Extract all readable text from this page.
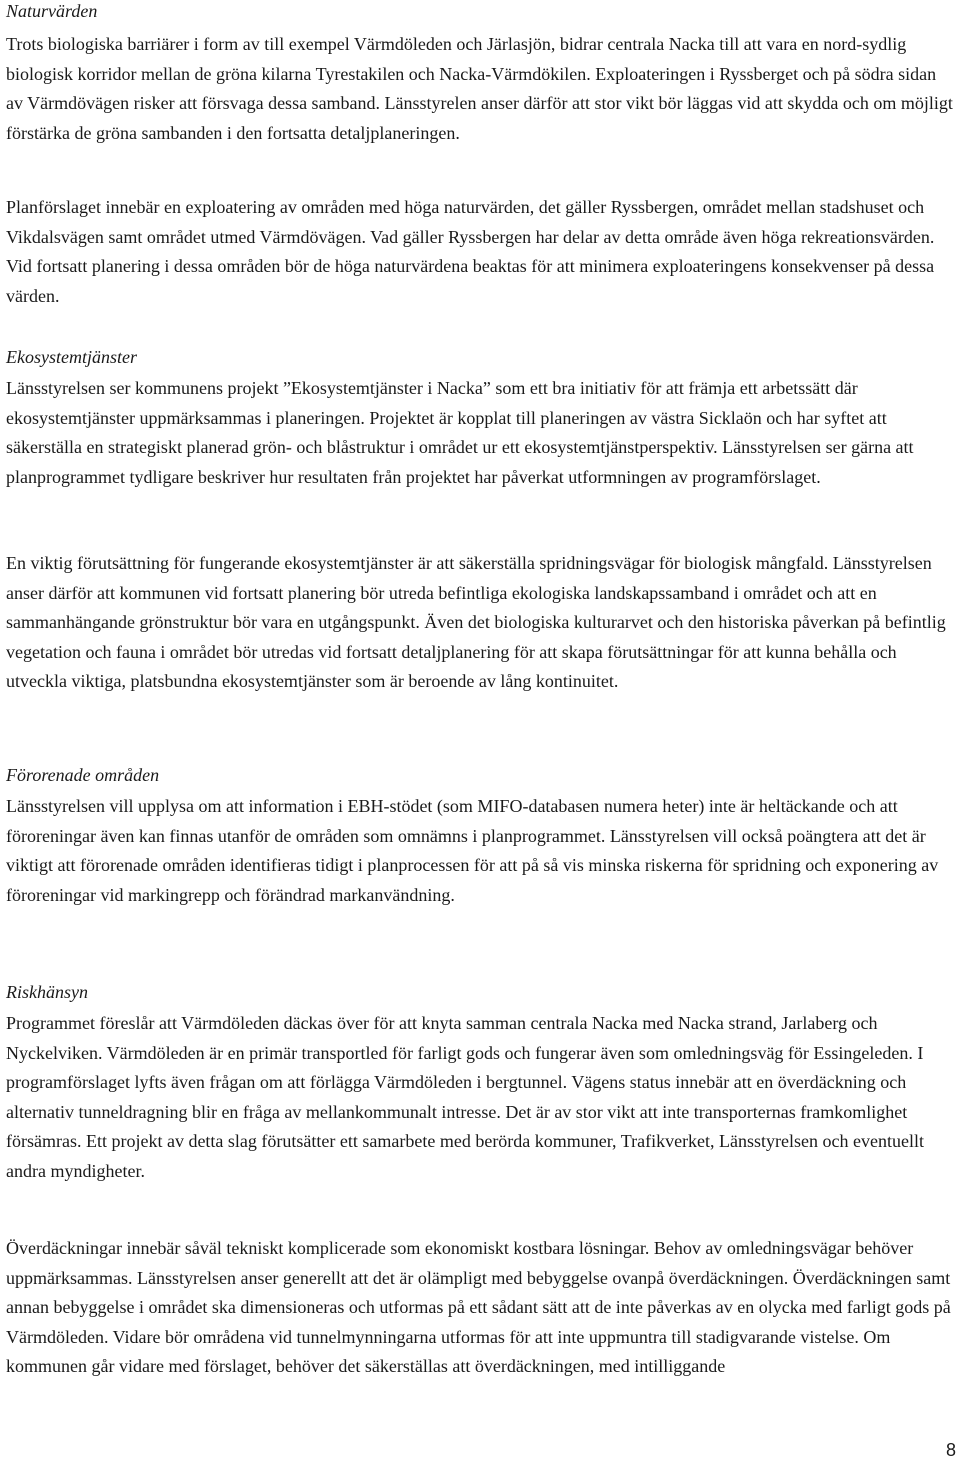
Naturvärden

Trots biologiska barriärer i form av till exempel Värmdöleden och Järlasjön, bidrar centrala Nacka till att vara en nord-sydlig biologisk korridor mellan de gröna kilarna Tyrestakilen och Nacka-Värmdökilen. Exploateringen i Ryssberget och på södra sidan av Värmdövägen risker att försvaga dessa samband. Länsstyrelen anser därför att stor vikt bör läggas vid att skydda och om möjligt förstärka de gröna sambanden i den fortsatta detaljplaneringen.

Planförslaget innebär en exploatering av områden med höga naturvärden, det gäller Ryssbergen, området mellan stadshuset och Vikdalsvägen samt området utmed Värmdövägen. Vad gäller Ryssbergen har delar av detta område även höga rekreationsvärden. Vid fortsatt planering i dessa områden bör de höga naturvärdena beaktas för att minimera exploateringens konsekvenser på dessa värden.

Ekosystemtjänster

Länsstyrelsen ser kommunens projekt ”Ekosystemtjänster i Nacka” som ett bra initiativ för att främja ett arbetssätt där ekosystemtjänster uppmärksammas i planeringen. Projektet är kopplat till planeringen av västra Sicklaön och har syftet att säkerställa en strategiskt planerad grön- och blåstruktur i området ur ett ekosystemtjänstperspektiv. Länsstyrelsen ser gärna att planprogrammet tydligare beskriver hur resultaten från projektet har påverkat utformningen av programförslaget.

En viktig förutsättning för fungerande ekosystemtjänster är att säkerställa spridningsvägar för biologisk mångfald. Länsstyrelsen anser därför att kommunen vid fortsatt planering bör utreda befintliga ekologiska landskapssamband i området och att en sammanhängande grönstruktur bör vara en utgångspunkt. Även det biologiska kulturarvet och den historiska påverkan på befintlig vegetation och fauna i området bör utredas vid fortsatt detaljplanering för att skapa förutsättningar för att kunna behålla och utveckla viktiga, platsbundna ekosystemtjänster som är beroende av lång kontinuitet.

Förorenade områden

Länsstyrelsen vill upplysa om att information i EBH-stödet (som MIFO-databasen numera heter) inte är heltäckande och att föroreningar även kan finnas utanför de områden som omnämns i planprogrammet. Länsstyrelsen vill också poängtera att det är viktigt att förorenade områden identifieras tidigt i planprocessen för att på så vis minska riskerna för spridning och exponering av föroreningar vid markingrepp och förändrad markanvändning.

Riskhänsyn

Programmet föreslår att Värmdöleden däckas över för att knyta samman centrala Nacka med Nacka strand, Jarlaberg och Nyckelviken. Värmdöleden är en primär transportled för farligt gods och fungerar även som omledningsväg för Essingeleden. I programförslaget lyfts även frågan om att förlägga Värmdöleden i bergtunnel. Vägens status innebär att en överdäckning och alternativ tunneldragning blir en fråga av mellankommunalt intresse. Det är av stor vikt att inte transporternas framkomlighet försämras. Ett projekt av detta slag förutsätter ett samarbete med berörda kommuner, Trafikverket, Länsstyrelsen och eventuellt andra myndigheter.

Överdäckningar innebär såväl tekniskt komplicerade som ekonomiskt kostbara lösningar. Behov av omledningsvägar behöver uppmärksammas. Länsstyrelsen anser generellt att det är olämpligt med bebyggelse ovanpå överdäckningen. Överdäckningen samt annan bebyggelse i området ska dimensioneras och utformas på ett sådant sätt att de inte påverkas av en olycka med farligt gods på Värmdöleden. Vidare bör områdena vid tunnelmynningarna utformas för att inte uppmuntra till stadigvarande vistelse. Om kommunen går vidare med förslaget, behöver det säkerställas att överdäckningen, med intilliggande

8
